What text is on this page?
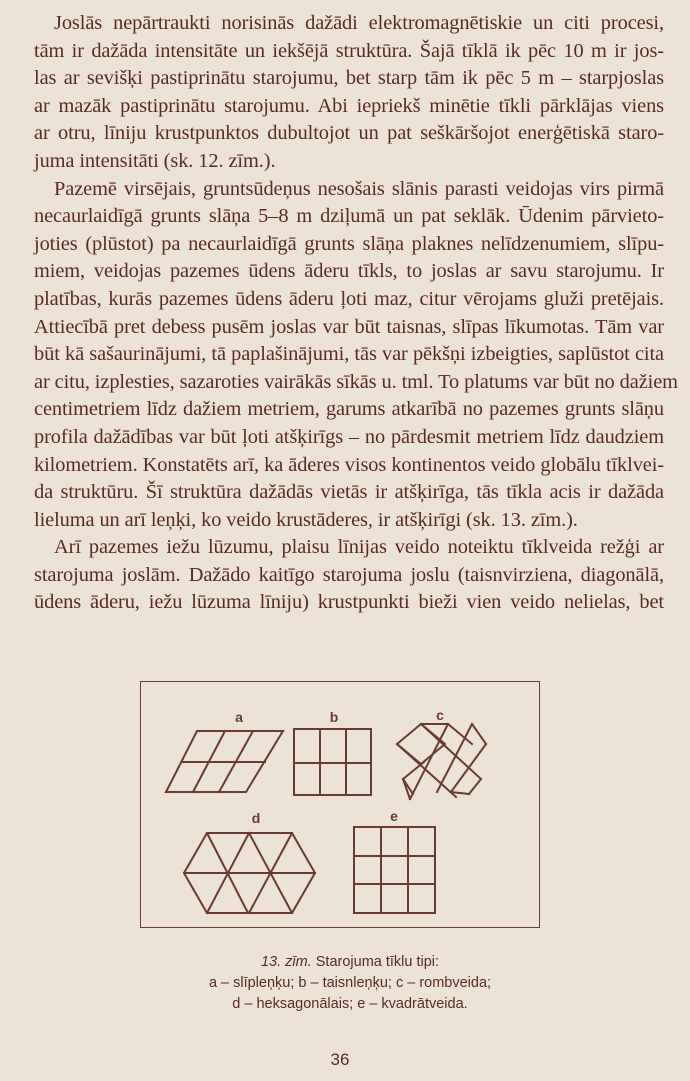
Joslās nepārtraukti norisinās dažādi elektromagnētiskie un citi procesi,
tām ir dažāda intensitāte un iekšējā struktūra. Šajā tīklā ik pēc 10 m ir jos-
las ar sevišķi pastiprinātu starojumu, bet starp tām ik pēc 5 m – starpjoslas
ar mazāk pastiprinātu starojumu. Abi iepriekš minētie tīkli pārklājas viens
ar otru, līniju krustpunktos dubultojot un pat seškāršojot enerģētiskā staro-
juma intensitāti (sk. 12. zīm.).
Pazemē virsējais, gruntsūdeņus nesošais slānis parasti veidojas virs pirmā
necaurlaidīgā grunts slāņa 5–8 m dziļumā un pat seklāk. Ūdenim pārvieto-
joties (plūstot) pa necaurlaidīgā grunts slāņa plaknes nelīdzenumiem, slīpu-
miem, veidojas pazemes ūdens āderu tīkls, to joslas ar savu starojumu. Ir
platības, kurās pazemes ūdens āderu ļoti maz, citur vērojams gluži pretējais.
Attiecībā pret debess pusēm joslas var būt taisnas, slīpas līkumotas. Tām var
būt kā sašaurinājumi, tā paplašinājumi, tās var pēkšņi izbeigties, saplūstot cita
ar citu, izplesties, sazaroties vairākās sīkās u. tml. To platums var būt no dažiem
centimetriem līdz dažiem metriem, garums atkarībā no pazemes grunts slāņu
profila dažādības var būt ļoti atšķirīgs – no pārdesmit metriem līdz daudziem
kilometriem. Konstatēts arī, ka āderes visos kontinentos veido globālu tīklvei-
da struktūru. Šī struktūra dažādās vietās ir atšķirīga, tās tīkla acis ir dažāda
lieluma un arī leņķi, ko veido krustāderes, ir atšķirīgi (sk. 13. zīm.).
Arī pazemes iežu lūzumu, plaisu līnijas veido noteiktu tīklveida režģi ar
starojuma joslām. Dažādo kaitīgo starojuma joslu (taisnvirziena, diagonālā,
ūdens āderu, iežu lūzuma līniju) krustpunkti bieži vien veido nelielas, bet
a	b	c
d	e
13. zīm. Starojuma tīklu tipi:
a – slīpleņķu; b – taisnleņķu; c – rombveida;
d – heksagonālais; e – kvadrātveida.
36
